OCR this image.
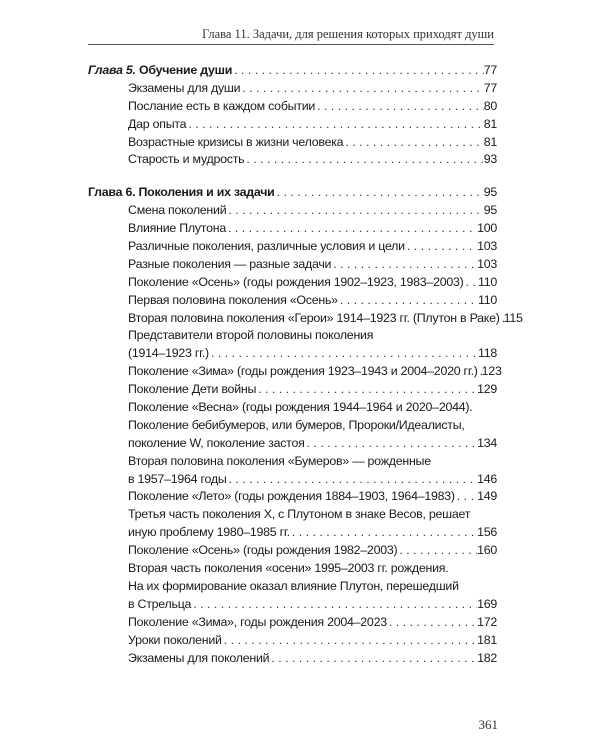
Глава 11. Задачи, для решения которых приходят души
Глава 5. Обучение души . . .	77
Экзамены для души . . .	77
Послание есть в каждом событии . . .	80
Дар опыта . . .	81
Возрастные кризисы в жизни человека . . .	81
Старость и мудрость . . .	93
Глава 6. Поколения и их задачи . . .	95
Смена поколений . . .	95
Влияние Плутона . . .	100
Различные поколения, различные условия и цели . . .	103
Разные поколения — разные задачи . . .	103
Поколение «Осень» (годы рождения 1902–1923, 1983–2003) . . . 110
Первая половина поколения «Осень» . . .	110
Вторая половина поколения «Герои» 1914–1923 гг. (Плутон в Раке) . . . 115
Представители второй половины поколения
(1914–1923 гг.) . . .	118
Поколение «Зима» (годы рождения 1923–1943 и 2004–2020 гг.) . . . 123
Поколение Дети войны . . .	129
Поколение «Весна» (годы рождения 1944–1964 и 2020–2044).
Поколение бебибумеров, или бумеров, Пророки/Идеалисты,
поколение W, поколение застоя . . .	134
Вторая половина поколения «Бумеров» — рожденные
в 1957–1964 годы . . .	146
Поколение «Лето» (годы рождения 1884–1903, 1964–1983) . . . 149
Третья часть поколения X, с Плутоном в знаке Весов, решает
иную проблему 1980–1985 гг. . . .	156
Поколение «Осень» (годы рождения 1982–2003) . . .	160
Вторая часть поколения «осени» 1995–2003 гг. рождения.
На их формирование оказал влияние Плутон, перешедший
в Стрельца . . .	169
Поколение «Зима», годы рождения 2004–2023 . . .	172
Уроки поколений . . .	181
Экзамены для поколений . . .	182
361
